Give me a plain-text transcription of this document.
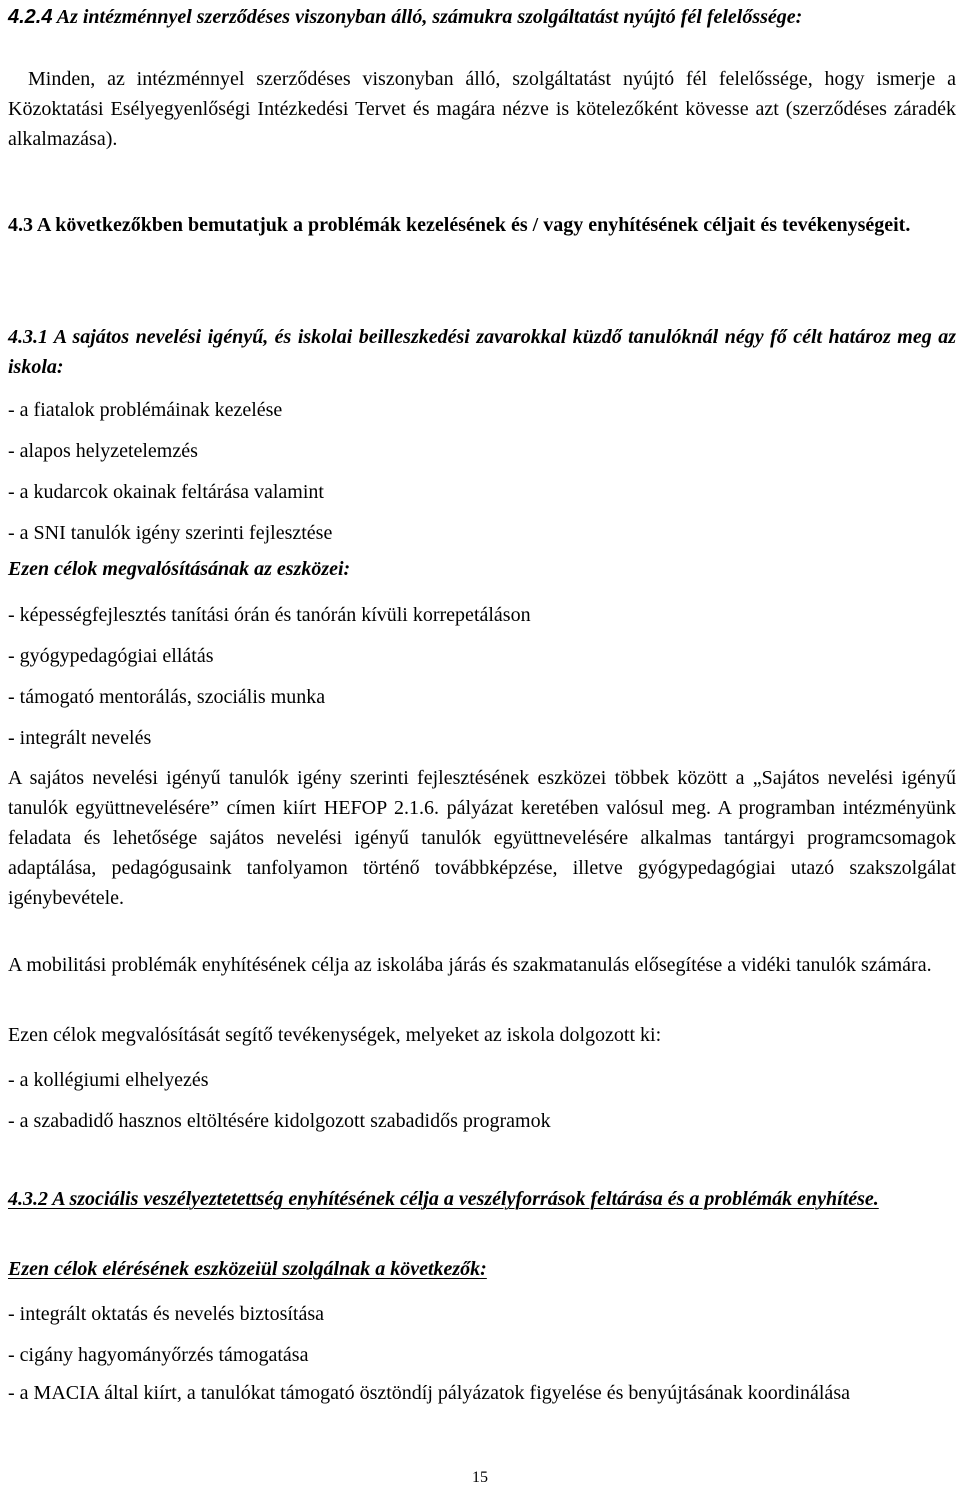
4.2.4 Az intézménnyel szerződéses viszonyban álló, számukra szolgáltatást nyújtó fél felelőssége:
Minden, az intézménnyel szerződéses viszonyban álló, szolgáltatást nyújtó fél felelőssége, hogy ismerje a Közoktatási Esélyegyenlőségi Intézkedési Tervet és magára nézve is kötelezőként kövesse azt (szerződéses záradék alkalmazása).
4.3 A következőkben bemutatjuk a problémák kezelésének és / vagy enyhítésének céljait és tevékenységeit.
4.3.1 A sajátos nevelési igényű, és iskolai beilleszkedési zavarokkal küzdő tanulóknál négy fő célt határoz meg az iskola:
- a fiatalok problémáinak kezelése
- alapos helyzetelemzés
- a kudarcok okainak feltárása valamint
- a SNI tanulók igény szerinti fejlesztése
Ezen célok megvalósításának az eszközei:
- képességfejlesztés tanítási órán és tanórán kívüli korrepetáláson
- gyógypedagógiai ellátás
- támogató mentorálás, szociális munka
- integrált nevelés
A sajátos nevelési igényű tanulók igény szerinti fejlesztésének eszközei többek között a „Sajátos nevelési igényű tanulók együttnevelésére” címen kiírt HEFOP 2.1.6. pályázat keretében valósul meg. A programban intézményünk feladata és lehetősége sajátos nevelési igényű tanulók együttnevelésére alkalmas tantárgyi programcsomagok adaptálása, pedagógusaink tanfolyamon történő továbbképzése, illetve gyógypedagógiai utazó szakszolgálat igénybevétele.
A mobilitási problémák enyhítésének célja az iskolába járás és szakmatanulás elősegítése a vidéki tanulók számára.
Ezen célok megvalósítását segítő tevékenységek, melyeket az iskola dolgozott ki:
- a kollégiumi elhelyezés
- a szabadidő hasznos eltöltésére kidolgozott szabadidős programok
4.3.2 A szociális veszélyeztetettség enyhítésének célja a veszélyforrások feltárása és a problémák enyhítése.
Ezen célok elérésének eszközeiül szolgálnak a következők:
- integrált oktatás és nevelés biztosítása
- cigány hagyományőrzés támogatása
- a MACIA által kiírt, a tanulókat támogató ösztöndíj pályázatok figyelése és benyújtásának koordinálása
15
